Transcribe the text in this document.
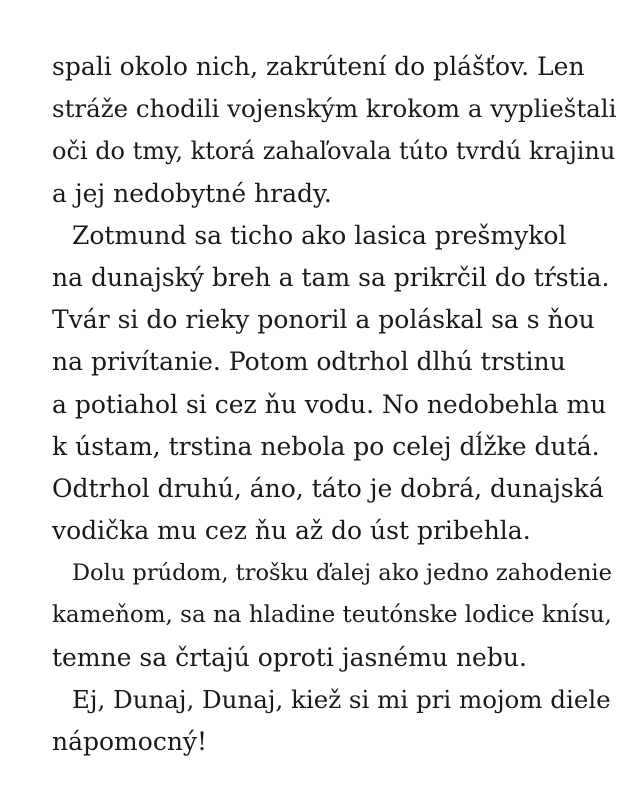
spali okolo nich, zakrútení do plášťov. Len
stráže chodili vojenským krokom a vyplieštali
oči do tmy, ktorá zahaľovala túto tvrdú krajinu
a jej nedobytné hrady.
Zotmund sa ticho ako lasica prešmykol
na dunajský breh a tam sa prikrčil do tŕstia.
Tvár si do rieky ponoril a poláskal sa s ňou
na privítanie. Potom odtrhol dlhú trstinu
a potiahol si cez ňu vodu. No nedobehla mu
k ústam, trstina nebola po celej dĺžke dutá.
Odtrhol druhú, áno, táto je dobrá, dunajská
vodička mu cez ňu až do úst pribehla.
Dolu prúdom, trošku ďalej ako jedno zahodenie
kameňom, sa na hladine teutónske lodice knísu,
temne sa črtajú oproti jasnému nebu.
Ej, Dunaj, Dunaj, kiež si mi pri mojom diele
nápomocný!
